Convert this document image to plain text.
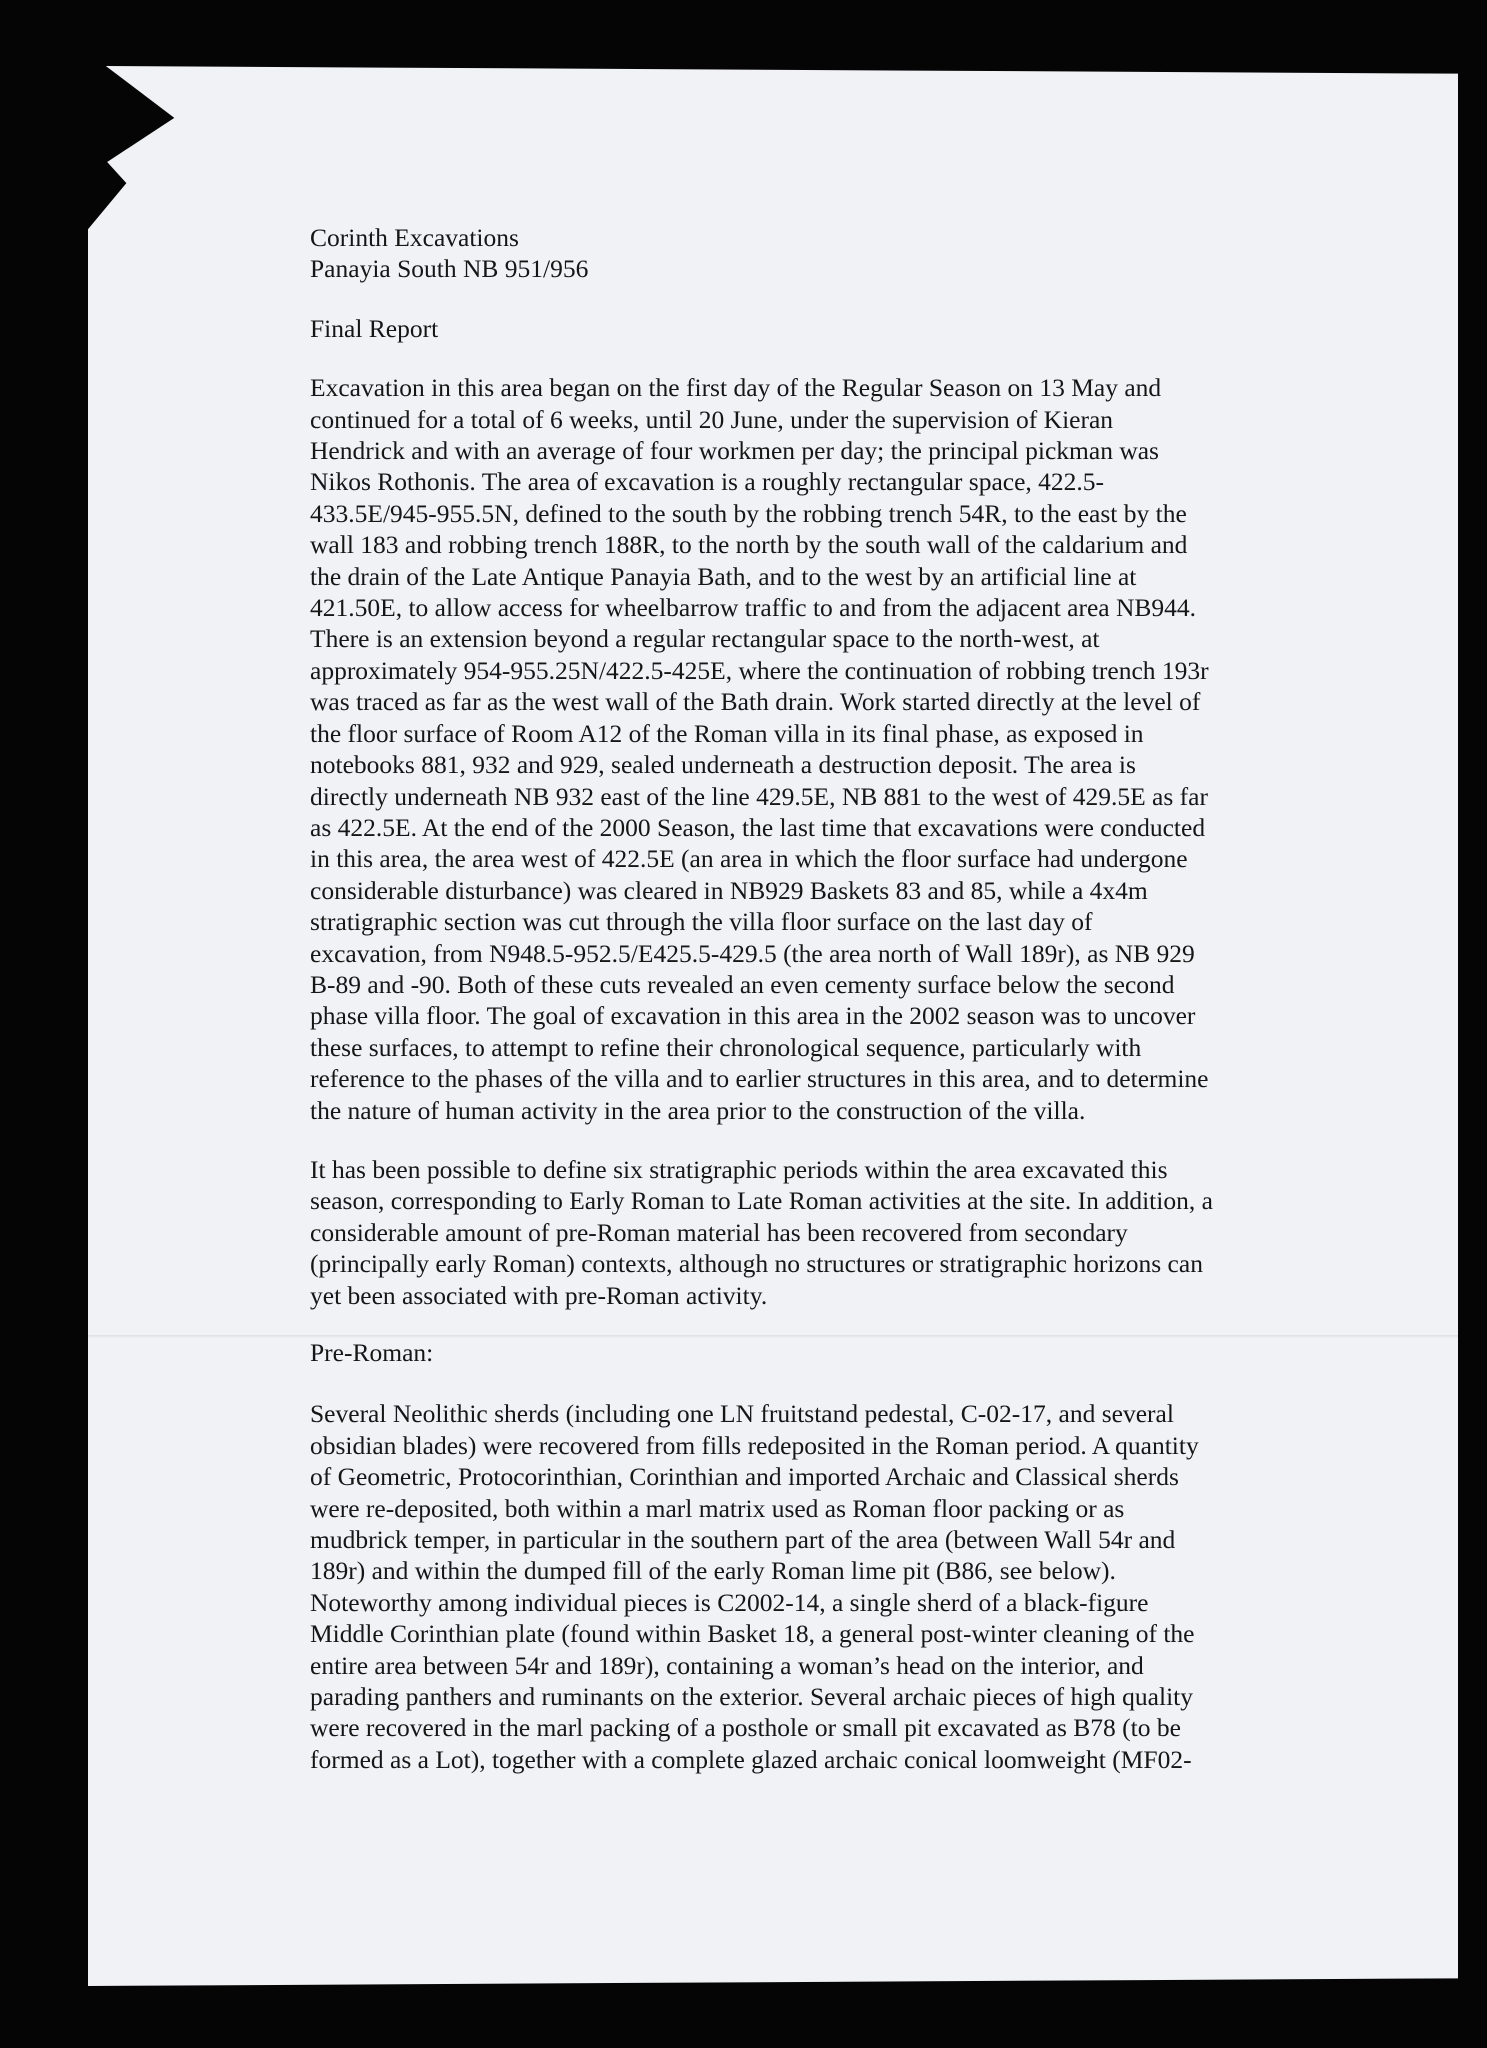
Corinth Excavations
Panayia South NB 951/956
Final Report
Excavation in this area began on the first day of the Regular Season on 13 May and
continued for a total of 6 weeks, until 20 June, under the supervision of Kieran
Hendrick and with an average of four workmen per day; the principal pickman was
Nikos Rothonis. The area of excavation is a roughly rectangular space, 422.5-
433.5E/945-955.5N, defined to the south by the robbing trench 54R, to the east by the
wall 183 and robbing trench 188R, to the north by the south wall of the caldarium and
the drain of the Late Antique Panayia Bath, and to the west by an artificial line at
421.50E, to allow access for wheelbarrow traffic to and from the adjacent area NB944.
There is an extension beyond a regular rectangular space to the north-west, at
approximately 954-955.25N/422.5-425E, where the continuation of robbing trench 193r
was traced as far as the west wall of the Bath drain. Work started directly at the level of
the floor surface of Room A12 of the Roman villa in its final phase, as exposed in
notebooks 881, 932 and 929, sealed underneath a destruction deposit. The area is
directly underneath NB 932 east of the line 429.5E, NB 881 to the west of 429.5E as far
as 422.5E. At the end of the 2000 Season, the last time that excavations were conducted
in this area, the area west of 422.5E (an area in which the floor surface had undergone
considerable disturbance) was cleared in NB929 Baskets 83 and 85, while a 4x4m
stratigraphic section was cut through the villa floor surface on the last day of
excavation, from N948.5-952.5/E425.5-429.5 (the area north of Wall 189r), as NB 929
B-89 and -90. Both of these cuts revealed an even cementy surface below the second
phase villa floor. The goal of excavation in this area in the 2002 season was to uncover
these surfaces, to attempt to refine their chronological sequence, particularly with
reference to the phases of the villa and to earlier structures in this area, and to determine
the nature of human activity in the area prior to the construction of the villa.
It has been possible to define six stratigraphic periods within the area excavated this
season, corresponding to Early Roman to Late Roman activities at the site. In addition, a
considerable amount of pre-Roman material has been recovered from secondary
(principally early Roman) contexts, although no structures or stratigraphic horizons can
yet been associated with pre-Roman activity.
Pre-Roman:
Several Neolithic sherds (including one LN fruitstand pedestal, C-02-17, and several
obsidian blades) were recovered from fills redeposited in the Roman period. A quantity
of Geometric, Protocorinthian, Corinthian and imported Archaic and Classical sherds
were re-deposited, both within a marl matrix used as Roman floor packing or as
mudbrick temper, in particular in the southern part of the area (between Wall 54r and
189r) and within the dumped fill of the early Roman lime pit (B86, see below).
Noteworthy among individual pieces is C2002-14, a single sherd of a black-figure
Middle Corinthian plate (found within Basket 18, a general post-winter cleaning of the
entire area between 54r and 189r), containing a woman’s head on the interior, and
parading panthers and ruminants on the exterior. Several archaic pieces of high quality
were recovered in the marl packing of a posthole or small pit excavated as B78 (to be
formed as a Lot), together with a complete glazed archaic conical loomweight (MF02-
